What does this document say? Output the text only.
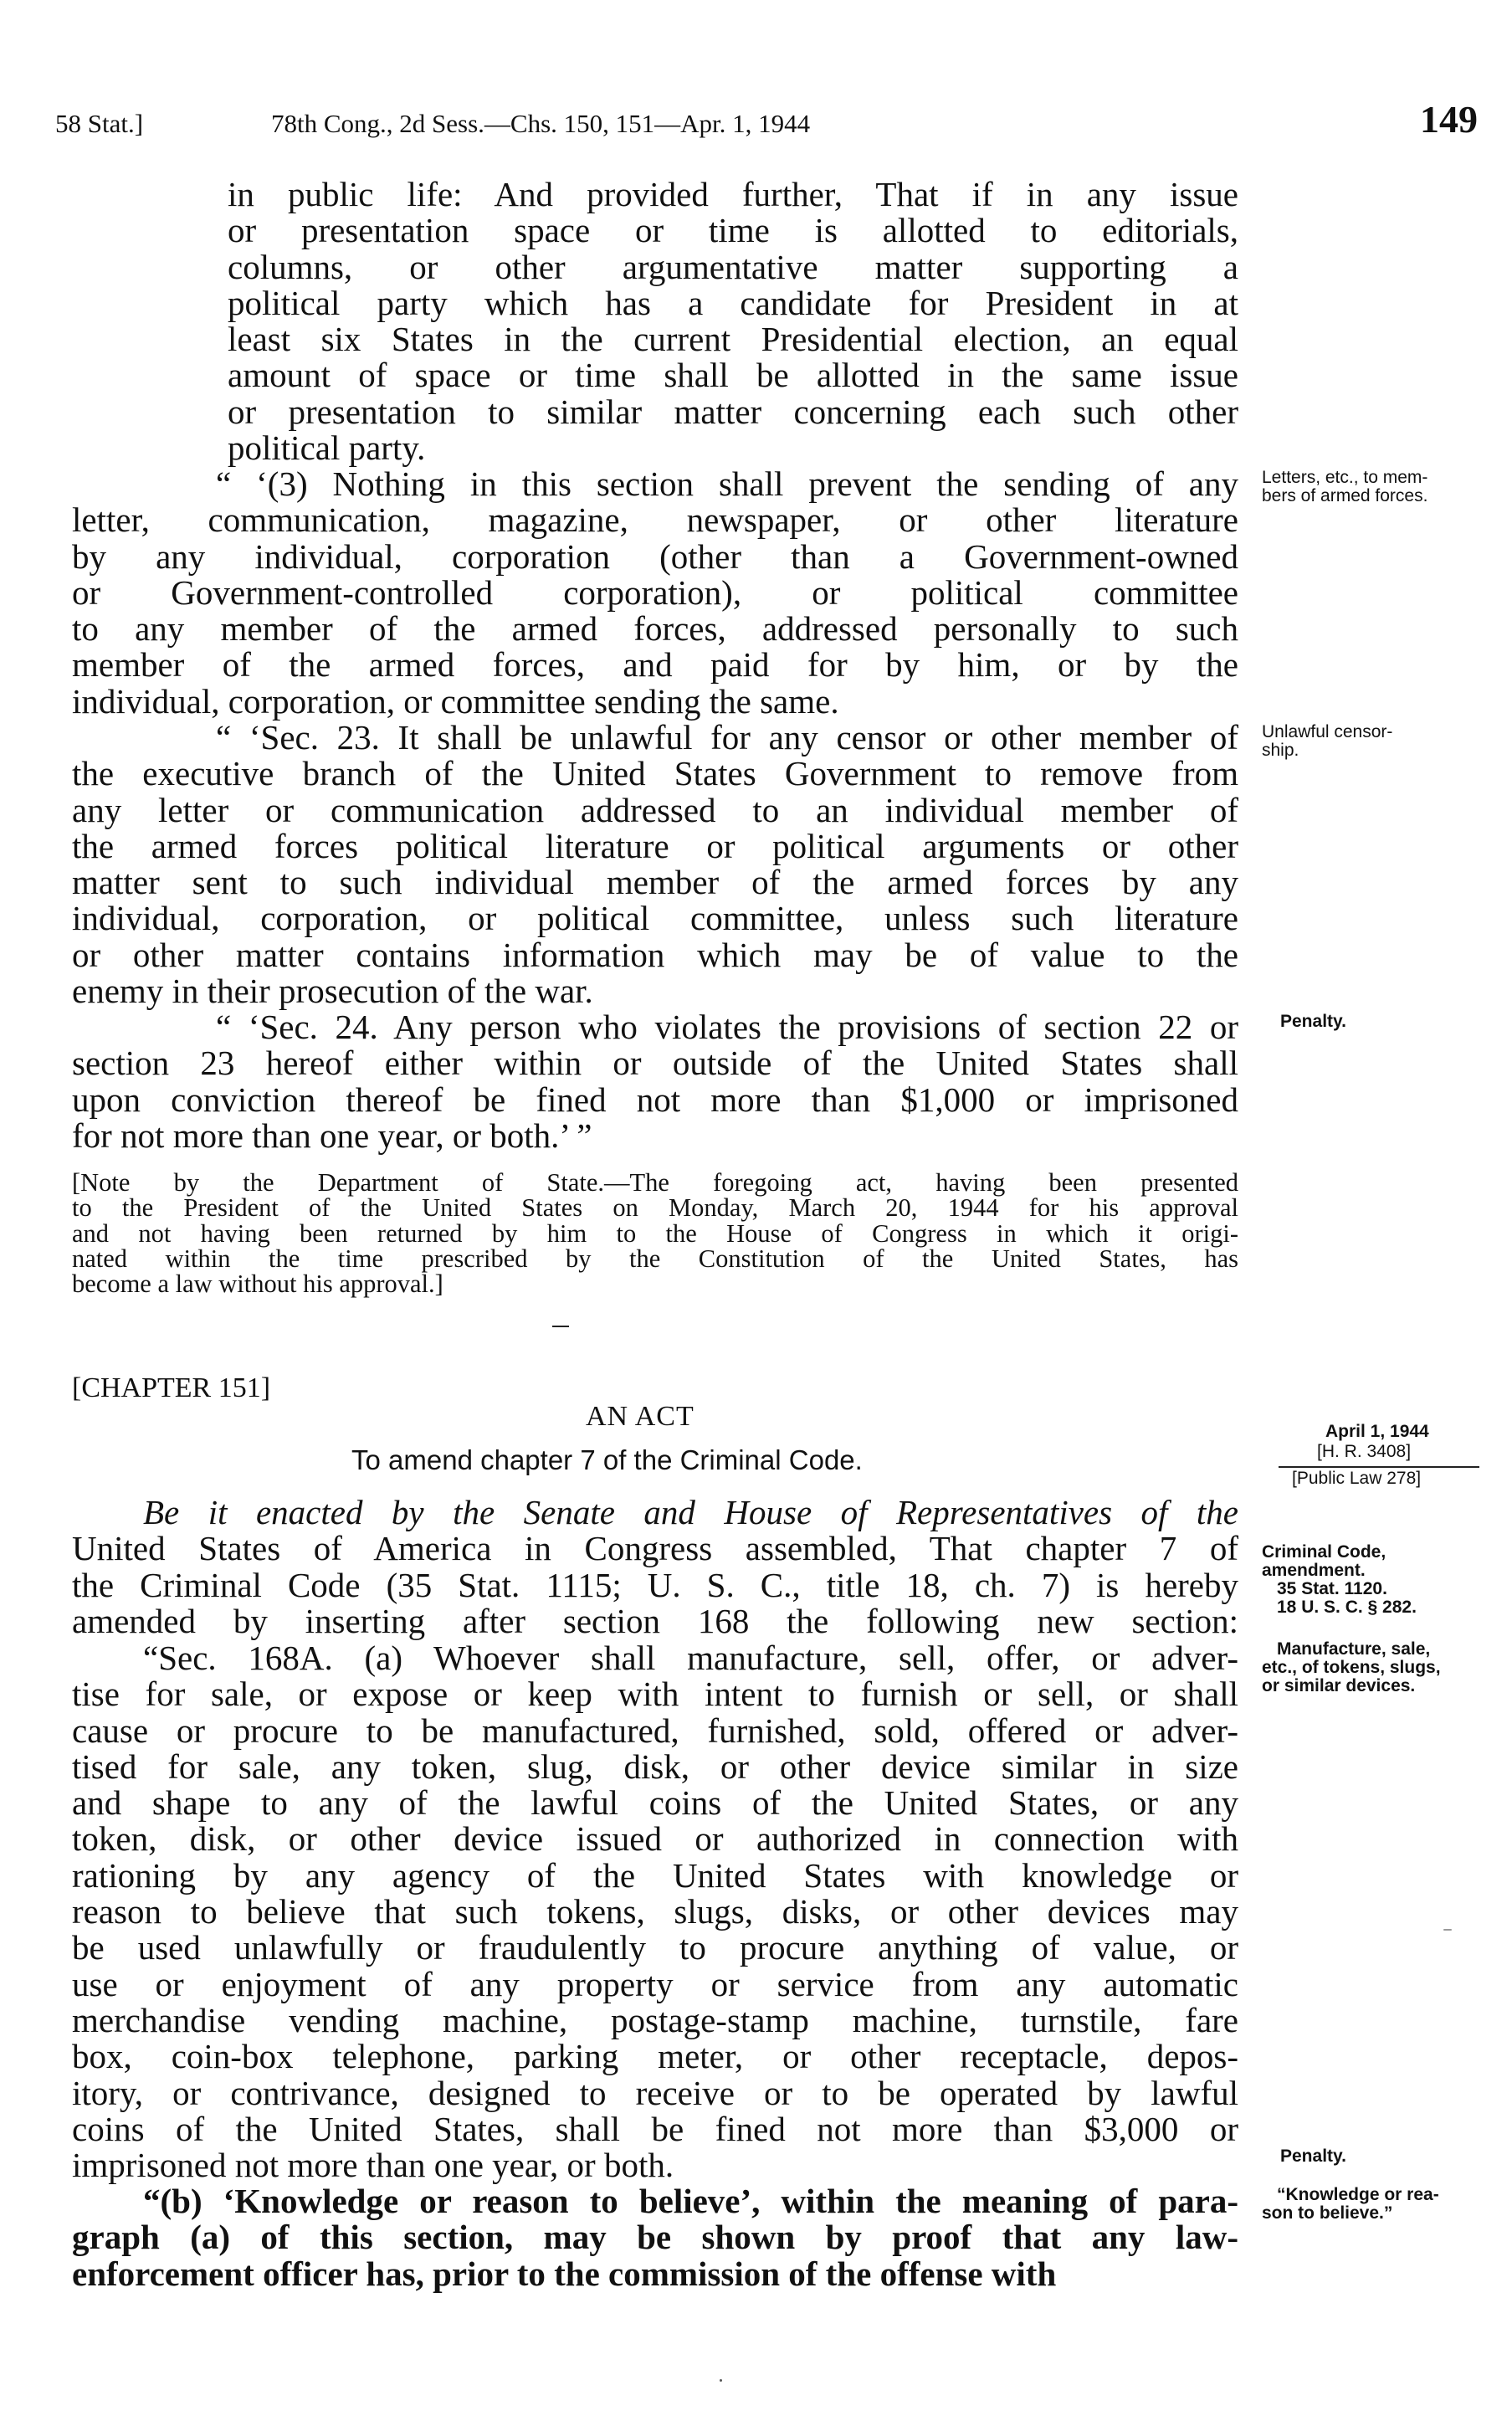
58 Stat.]	78th Cong., 2d Sess.—Chs. 150, 151—Apr. 1, 1944	149
in public life: And provided further, That if in any issue
or presentation space or time is allotted to editorials,
columns, or other argumentative matter supporting a
political party which has a candidate for President in at
least six States in the current Presidential election, an equal
amount of space or time shall be allotted in the same issue
or presentation to similar matter concerning each such other
political party.
“ ‘(3) Nothing in this section shall prevent the sending of any
letter, communication, magazine, newspaper, or other literature
by any individual, corporation (other than a Government-owned
or Government-controlled corporation), or political committee
to any member of the armed forces, addressed personally to such
member of the armed forces, and paid for by him, or by the
individual, corporation, or committee sending the same.
“ ‘Sec. 23. It shall be unlawful for any censor or other member of
the executive branch of the United States Government to remove from
any letter or communication addressed to an individual member of
the armed forces political literature or political arguments or other
matter sent to such individual member of the armed forces by any
individual, corporation, or political committee, unless such literature
or other matter contains information which may be of value to the
enemy in their prosecution of the war.
“ ‘Sec. 24. Any person who violates the provisions of section 22 or
section 23 hereof either within or outside of the United States shall
upon conviction thereof be fined not more than $1,000 or imprisoned
for not more than one year, or both.’ ”
[Note by the Department of State.—The foregoing act, having been presented
to the President of the United States on Monday, March 20, 1944 for his approval
and not having been returned by him to the House of Congress in which it origi-
nated within the time prescribed by the Constitution of the United States, has
become a law without his approval.]
[CHAPTER 151]
AN ACT
To amend chapter 7 of the Criminal Code.
Be it enacted by the Senate and House of Representatives of the
United States of America in Congress assembled, That chapter 7 of
the Criminal Code (35 Stat. 1115; U. S. C., title 18, ch. 7) is hereby
amended by inserting after section 168 the following new section:
“Sec. 168A. (a) Whoever shall manufacture, sell, offer, or adver-
tise for sale, or expose or keep with intent to furnish or sell, or shall
cause or procure to be manufactured, furnished, sold, offered or adver-
tised for sale, any token, slug, disk, or other device similar in size
and shape to any of the lawful coins of the United States, or any
token, disk, or other device issued or authorized in connection with
rationing by any agency of the United States with knowledge or
reason to believe that such tokens, slugs, disks, or other devices may
be used unlawfully or fraudulently to procure anything of value, or
use or enjoyment of any property or service from any automatic
merchandise vending machine, postage-stamp machine, turnstile, fare
box, coin-box telephone, parking meter, or other receptacle, depos-
itory, or contrivance, designed to receive or to be operated by lawful
coins of the United States, shall be fined not more than $3,000 or
imprisoned not more than one year, or both.
“(b) ‘Knowledge or reason to believe’, within the meaning of para-
graph (a) of this section, may be shown by proof that any law-
enforcement officer has, prior to the commission of the offense with
Letters, etc., to mem-
bers of armed forces.
Unlawful censor-
ship.
Penalty.
April 1, 1944
[H. R. 3408]
[Public Law 278]
Criminal Code,
amendment.
35 Stat. 1120.
18 U. S. C. § 282.
Manufacture, sale,
etc., of tokens, slugs,
or similar devices.
Penalty.
“Knowledge or rea-
son to believe.”
